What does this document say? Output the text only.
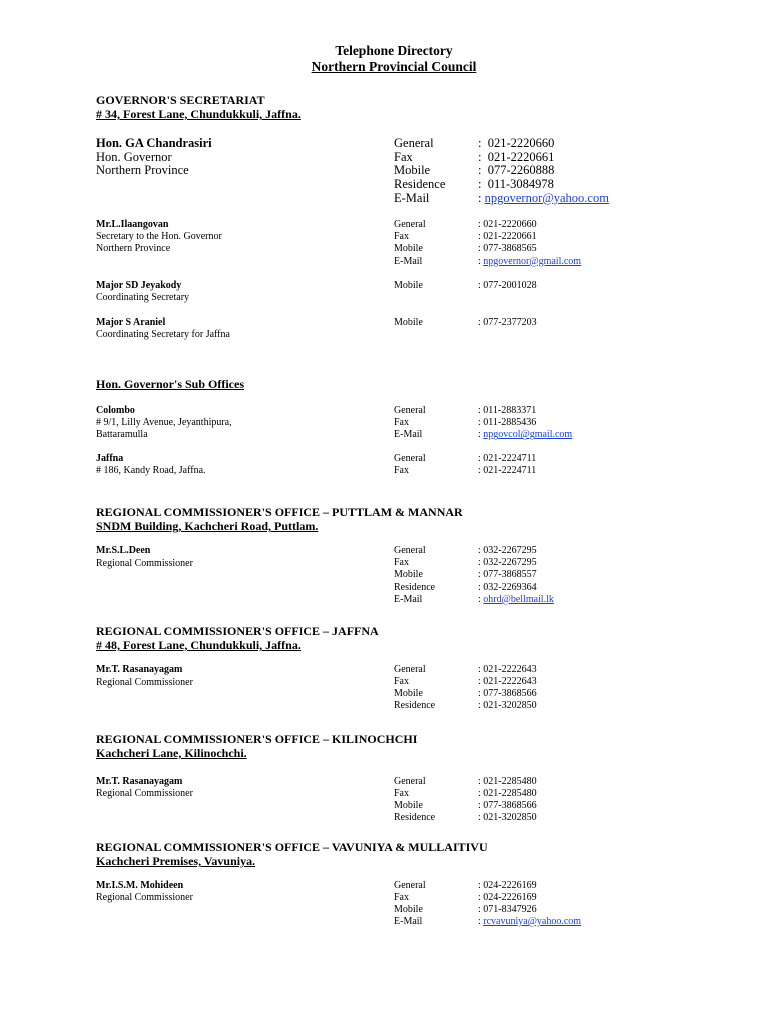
Telephone Directory
Northern Provincial Council
GOVERNOR'S SECRETARIAT
# 34, Forest Lane, Chundukkuli, Jaffna.
Hon. GA Chandrasiri
Hon. Governor
Northern Province
General	:  021-2220660
Fax	:  021-2220661
Mobile	:  077-2260888
Residence	:  011-3084978
E-Mail	: npgovernor@yahoo.com
Mr.L.Ilaangovan
Secretary to the Hon. Governor
Northern Province
General	: 021-2220660
Fax	: 021-2220661
Mobile	: 077-3868565
E-Mail	: npgovernor@gmail.com
Major SD Jeyakody
Coordinating Secretary
Mobile	: 077-2001028
Major S Araniel
Coordinating Secretary for Jaffna
Mobile	: 077-2377203
Hon. Governor's Sub Offices
Colombo
# 9/1, Lilly Avenue, Jeyanthipura,
Battaramulla
General	: 011-2883371
Fax	: 011-2885436
E-Mail	: npgovcol@gmail.com
Jaffna
# 186, Kandy Road, Jaffna.
General	: 021-2224711
Fax	: 021-2224711
REGIONAL COMMISSIONER'S OFFICE – PUTTLAM & MANNAR
SNDM Building, Kachcheri Road, Puttlam.
Mr.S.L.Deen
Regional Commissioner
General	: 032-2267295
Fax	: 032-2267295
Mobile	: 077-3868557
Residence	: 032-2269364
E-Mail	: ohrd@bellmail.lk
REGIONAL COMMISSIONER'S OFFICE – JAFFNA
# 48, Forest Lane, Chundukkuli, Jaffna.
Mr.T. Rasanayagam
Regional Commissioner
General	: 021-2222643
Fax	: 021-2222643
Mobile	: 077-3868566
Residence	: 021-3202850
REGIONAL COMMISSIONER'S OFFICE – KILINOCHCHI
Kachcheri Lane, Kilinochchi.
Mr.T. Rasanayagam
Regional Commissioner
General	: 021-2285480
Fax	: 021-2285480
Mobile	: 077-3868566
Residence	: 021-3202850
REGIONAL COMMISSIONER'S OFFICE – VAVUNIYA & MULLAITIVU
Kachcheri Premises, Vavuniya.
Mr.I.S.M. Mohideen
Regional Commissioner
General	: 024-2226169
Fax	: 024-2226169
Mobile	: 071-8347926
E-Mail	: rcvavuniya@yahoo.com
